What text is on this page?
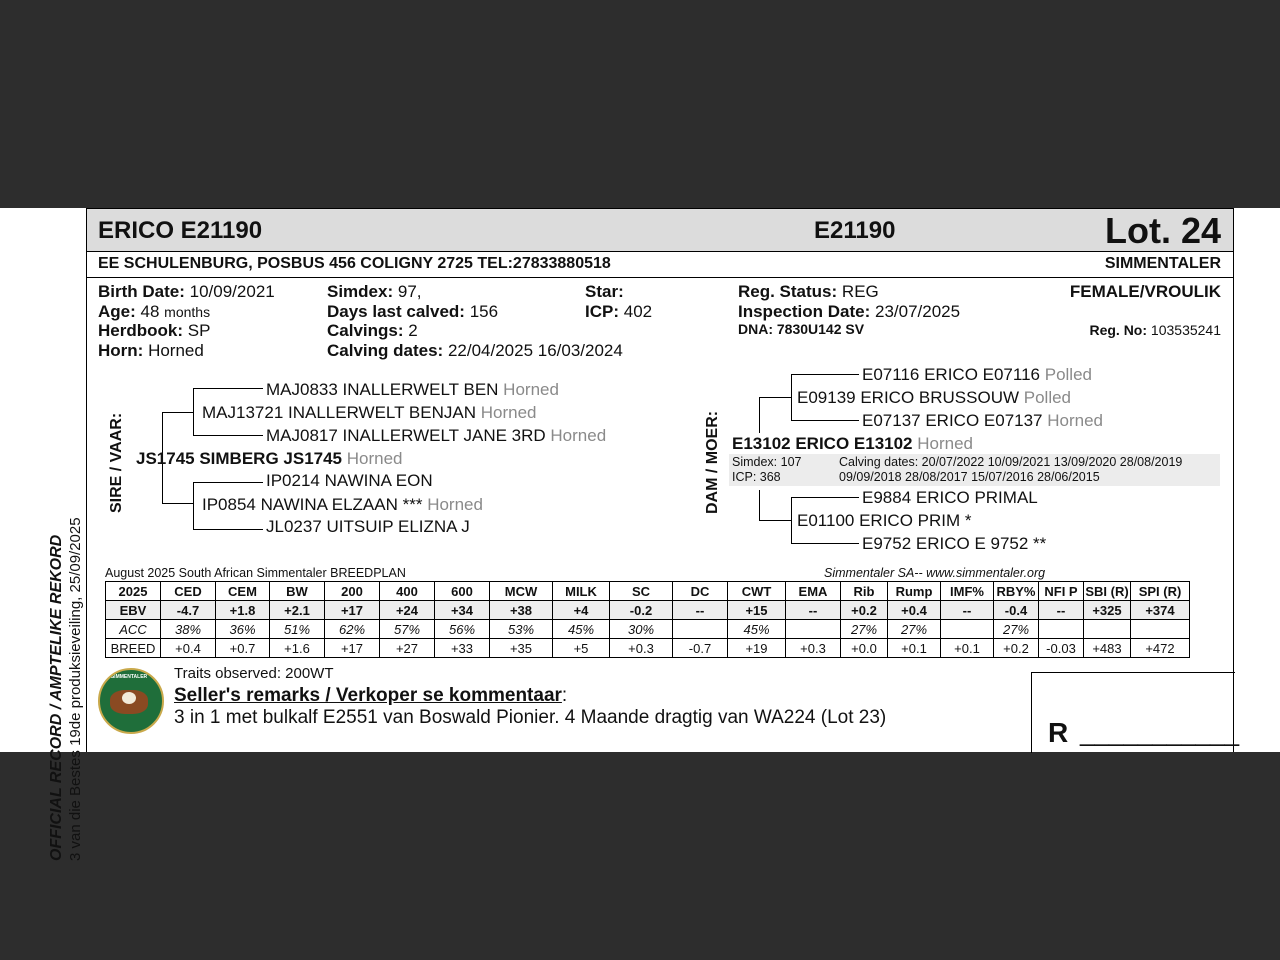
OFFICIAL RECORD / AMPTELIKE REKORD 3 van die Bestes 19de produksieveiling, 25/09/2025
ERICO E21190	E21190	Lot. 24
EE SCHULENBURG, POSBUS 456 COLIGNY 2725 TEL:27833880518	SIMMENTALER
Birth Date: 10/09/2021
Age: 48 months
Herdbook: SP
Horn: Horned
Simdex: 97,
Days last calved: 156
Calvings: 2
Calving dates: 22/04/2025 16/03/2024
Star:
ICP: 402
Reg. Status: REG
Inspection Date: 23/07/2025
DNA: 7830U142 SV
FEMALE/VROULIK
Reg. No: 103535241
SIRE / VAAR:
MAJ0833 INALLERWELT BEN Horned
MAJ13721 INALLERWELT BENJAN Horned
MAJ0817 INALLERWELT JANE 3RD Horned
JS1745 SIMBERG JS1745 Horned
IP0214 NAWINA EON
IP0854 NAWINA ELZAAN *** Horned
JL0237 UITSUIP ELIZNA J
DAM / MOER:
E07116 ERICO E07116 Polled
E09139 ERICO BRUSSOUW Polled
E07137 ERICO E07137 Horned
E13102 ERICO E13102 Horned
Simdex: 107
ICP: 368
Calving dates: 20/07/2022 10/09/2021 13/09/2020 28/08/2019
09/09/2018 28/08/2017 15/07/2016 28/06/2015
E9884 ERICO PRIMAL
E01100 ERICO PRIM *
E9752 ERICO E 9752 **
August 2025 South African Simmentaler BREEDPLAN	Simmentaler SA-- www.simmentaler.org
2025	CED	CEM	BW	200	400	600	MCW	MILK	SC	DC	CWT	EMA	Rib	Rump	IMF%	RBY%	NFI P	SBI (R)	SPI (R)
EBV	-4.7	+1.8	+2.1	+17	+24	+34	+38	+4	-0.2	--	+15	--	+0.2	+0.4	--	-0.4	--	+325	+374
ACC	38%	36%	51%	62%	57%	56%	53%	45%	30%		45%		27%	27%		27%			
BREED	+0.4	+0.7	+1.6	+17	+27	+33	+35	+5	+0.3	-0.7	+19	+0.3	+0.0	+0.1	+0.1	+0.2	-0.03	+483	+472
SIMMENTALER	Traits observed: 200WT
Seller's remarks / Verkoper se kommentaar:
3 in 1 met bulkalf E2551 van Boswald Pionier. 4 Maande dragtig van WA224 (Lot 23)	R ___________
